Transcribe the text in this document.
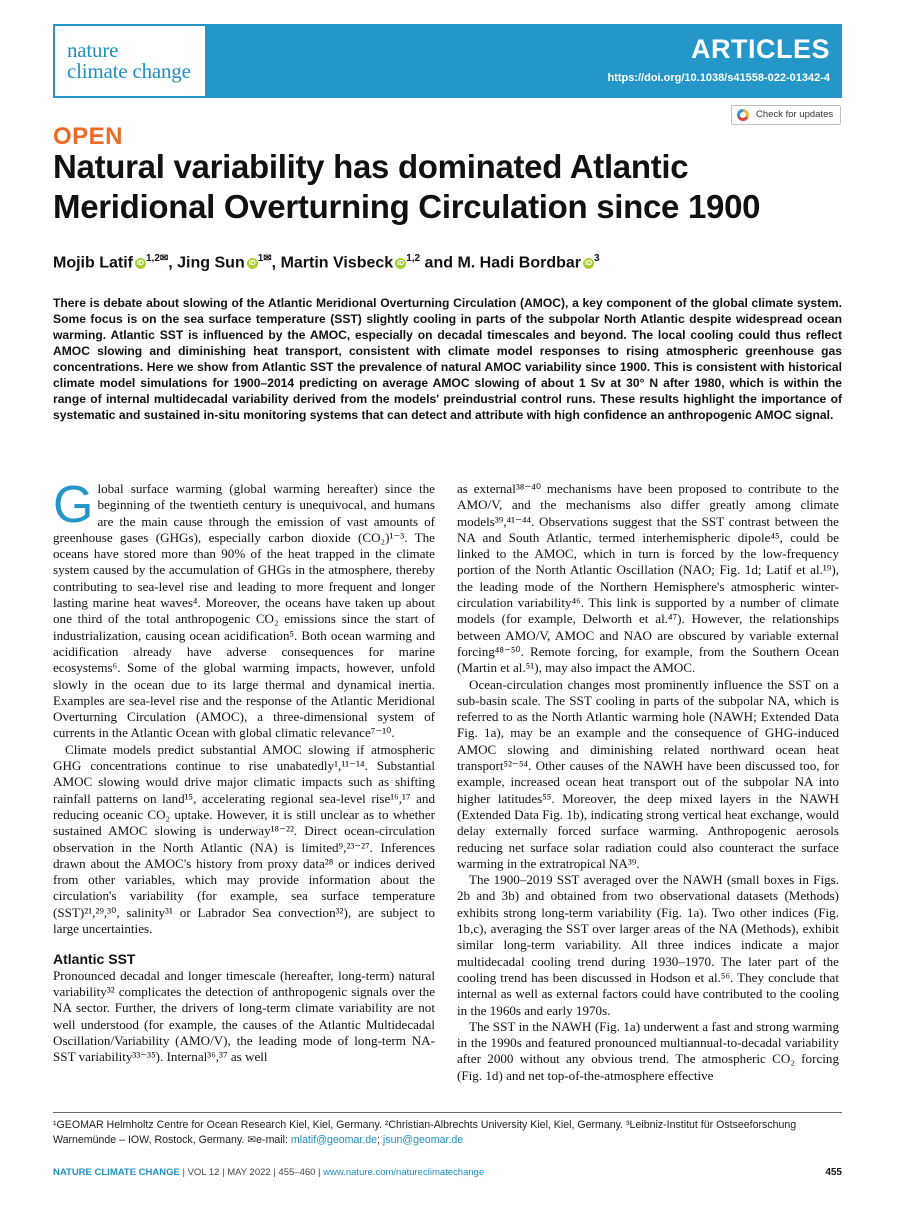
nature
climate change
ARTICLES
https://doi.org/10.1038/s41558-022-01342-4
Check for updates
OPEN
Natural variability has dominated Atlantic
Meridional Overturning Circulation since 1900
Mojib Latif iD $^{1,2✉}$, Jing Sun iD $^{1✉}$, Martin Visbeck iD $^{1,2}$ and M. Hadi Bordbar iD $^3$
There is debate about slowing of the Atlantic Meridional Overturning Circulation (AMOC), a key component of the global climate system. Some focus is on the sea surface temperature (SST) slightly cooling in parts of the subpolar North Atlantic despite widespread ocean warming. Atlantic SST is influenced by the AMOC, especially on decadal timescales and beyond. The local cooling could thus reflect AMOC slowing and diminishing heat transport, consistent with climate model responses to rising atmospheric greenhouse gas concentrations. Here we show from Atlantic SST the prevalence of natural AMOC variability since 1900. This is consistent with historical climate model simulations for 1900–2014 predicting on average AMOC slowing of about 1 Sv at 30° N after 1980, which is within the range of internal multidecadal variability derived from the models' preindustrial control runs. These results highlight the importance of systematic and sustained in-situ monitoring systems that can detect and attribute with high confidence an anthropogenic AMOC signal.

Global surface warming (global warming hereafter) since the beginning of the twentieth century is unequivocal, and humans are the main cause through the emission of vast amounts of greenhouse gases (GHGs), especially carbon dioxide (CO₂)¹⁻³. The oceans have stored more than 90% of the heat trapped in the climate system caused by the accumulation of GHGs in the atmosphere, thereby contributing to sea-level rise and leading to more frequent and longer lasting marine heat waves⁴. Moreover, the oceans have taken up about one third of the total anthropogenic CO₂ emissions since the start of industrialization, causing ocean acidification⁵. Both ocean warming and acidification already have adverse consequences for marine ecosystems⁶. Some of the global warming impacts, however, unfold slowly in the ocean due to its large thermal and dynamical inertia. Examples are sea-level rise and the response of the Atlantic Meridional Overturning Circulation (AMOC), a three-dimensional system of currents in the Atlantic Ocean with global climatic relevance⁷⁻¹⁰.

Climate models predict substantial AMOC slowing if atmospheric GHG concentrations continue to rise unabatedly¹,¹¹⁻¹⁴. Substantial AMOC slowing would drive major climatic impacts such as shifting rainfall patterns on land¹⁵, accelerating regional sea-level rise¹⁶,¹⁷ and reducing oceanic CO₂ uptake. However, it is still unclear as to whether sustained AMOC slowing is underway¹⁸⁻²². Direct ocean-circulation observation in the North Atlantic (NA) is limited⁹,²³⁻²⁷. Inferences drawn about the AMOC's history from proxy data²⁸ or indices derived from other variables, which may provide information about the circulation's variability (for example, sea surface temperature (SST)²¹,²⁹,³⁰, salinity³¹ or Labrador Sea convection³²), are subject to large uncertainties.

Atlantic SST

Pronounced decadal and longer timescale (hereafter, long-term) natural variability³² complicates the detection of anthropogenic signals over the NA sector. Further, the drivers of long-term climate variability are not well understood (for example, the causes of the Atlantic Multidecadal Oscillation/Variability (AMO/V), the leading mode of long-term NA-SST variability³³⁻³⁵). Internal³⁶,³⁷ as well

as external³⁸⁻⁴⁰ mechanisms have been proposed to contribute to the AMO/V, and the mechanisms also differ greatly among climate models³⁹,⁴¹⁻⁴⁴. Observations suggest that the SST contrast between the NA and South Atlantic, termed interhemispheric dipole⁴⁵, could be linked to the AMOC, which in turn is forced by the low-frequency portion of the North Atlantic Oscillation (NAO; Fig. 1d; Latif et al.¹⁹), the leading mode of the Northern Hemisphere's atmospheric winter-circulation variability⁴⁶. This link is supported by a number of climate models (for example, Delworth et al.⁴⁷). However, the relationships between AMO/V, AMOC and NAO are obscured by variable external forcing⁴⁸⁻⁵⁰. Remote forcing, for example, from the Southern Ocean (Martin et al.⁵¹), may also impact the AMOC.

Ocean-circulation changes most prominently influence the SST on a sub-basin scale. The SST cooling in parts of the subpolar NA, which is referred to as the North Atlantic warming hole (NAWH; Extended Data Fig. 1a), may be an example and the consequence of GHG-induced AMOC slowing and diminishing related northward ocean heat transport⁵²⁻⁵⁴. Other causes of the NAWH have been discussed too, for example, increased ocean heat transport out of the subpolar NA into higher latitudes⁵⁵. Moreover, the deep mixed layers in the NAWH (Extended Data Fig. 1b), indicating strong vertical heat exchange, would delay externally forced surface warming. Anthropogenic aerosols reducing net surface solar radiation could also counteract the surface warming in the extratropical NA³⁹.

The 1900–2019 SST averaged over the NAWH (small boxes in Figs. 2b and 3b) and obtained from two observational datasets (Methods) exhibits strong long-term variability (Fig. 1a). Two other indices (Fig. 1b,c), averaging the SST over larger areas of the NA (Methods), exhibit similar long-term variability. All three indices indicate a major multidecadal cooling trend during 1930–1970. The later part of the cooling trend has been discussed in Hodson et al.⁵⁶. They conclude that internal as well as external factors could have contributed to the cooling in the 1960s and early 1970s.

The SST in the NAWH (Fig. 1a) underwent a fast and strong warming in the 1990s and featured pronounced multiannual-to-decadal variability after 2000 without any obvious trend. The atmospheric CO₂ forcing (Fig. 1d) and net top-of-the-atmosphere effective

¹GEOMAR Helmholtz Centre for Ocean Research Kiel, Kiel, Germany. ²Christian-Albrechts University Kiel, Kiel, Germany. ³Leibniz-Institut für Ostseeforschung Warnemünde – IOW, Rostock, Germany. ✉e-mail: mlatif@geomar.de; jsun@geomar.de
NATURE CLIMATE CHANGE | VOL 12 | MAY 2022 | 455–460 | www.nature.com/natureclimatechange	455
